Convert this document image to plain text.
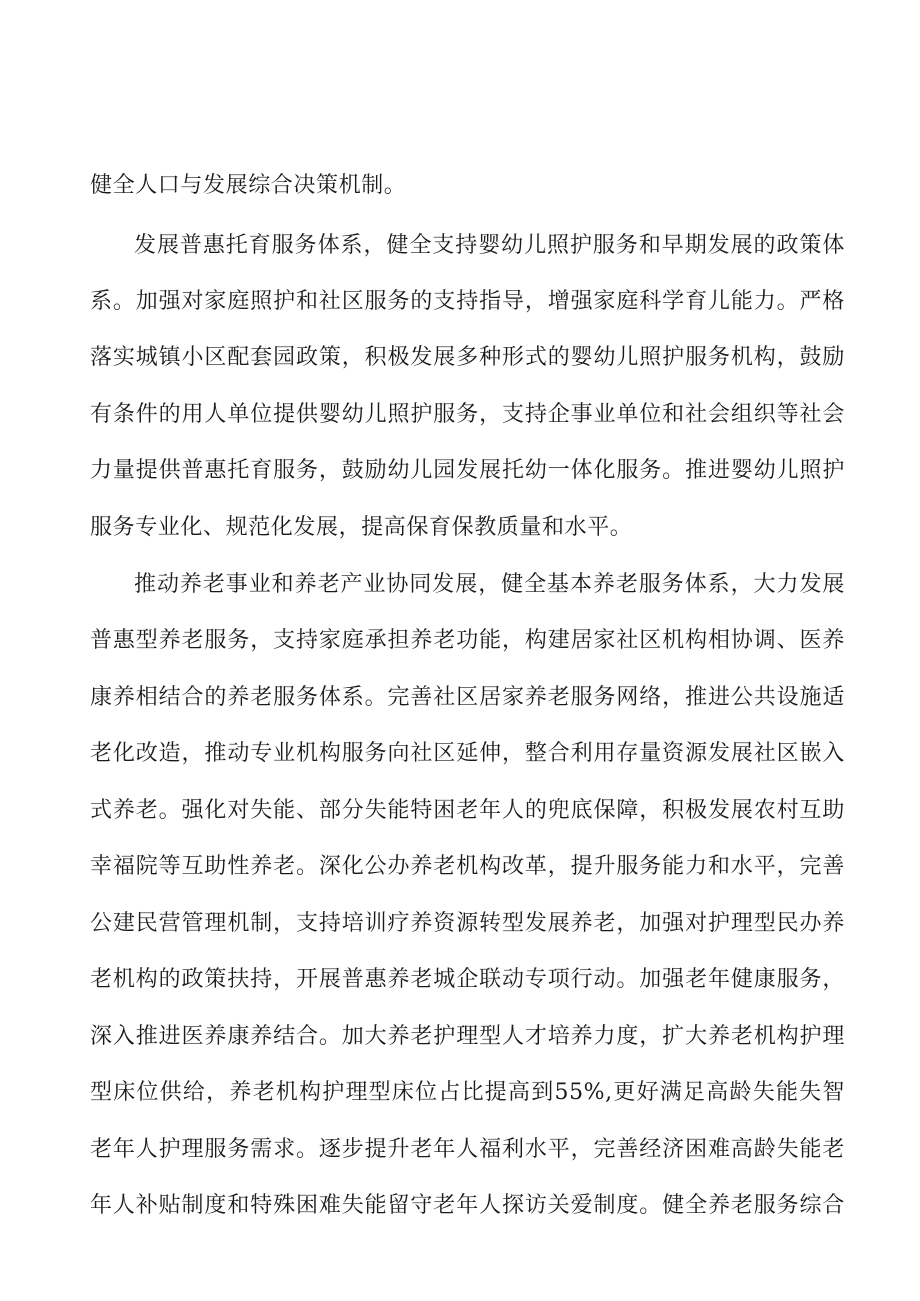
健全人口与发展综合决策机制。
发展普惠托育服务体系，健全支持婴幼儿照护服务和早期发展的政策体
系。加强对家庭照护和社区服务的支持指导，增强家庭科学育儿能力。严格
落实城镇小区配套园政策，积极发展多种形式的婴幼儿照护服务机构，鼓励
有条件的用人单位提供婴幼儿照护服务，支持企事业单位和社会组织等社会
力量提供普惠托育服务，鼓励幼儿园发展托幼一体化服务。推进婴幼儿照护
服务专业化、规范化发展，提高保育保教质量和水平。
推动养老事业和养老产业协同发展，健全基本养老服务体系，大力发展
普惠型养老服务，支持家庭承担养老功能，构建居家社区机构相协调、医养
康养相结合的养老服务体系。完善社区居家养老服务网络，推进公共设施适
老化改造，推动专业机构服务向社区延伸，整合利用存量资源发展社区嵌入
式养老。强化对失能、部分失能特困老年人的兜底保障，积极发展农村互助
幸福院等互助性养老。深化公办养老机构改革，提升服务能力和水平，完善
公建民营管理机制，支持培训疗养资源转型发展养老，加强对护理型民办养
老机构的政策扶持，开展普惠养老城企联动专项行动。加强老年健康服务，
深入推进医养康养结合。加大养老护理型人才培养力度，扩大养老机构护理
型床位供给，养老机构护理型床位占比提高到55%,更好满足高龄失能失智
老年人护理服务需求。逐步提升老年人福利水平，完善经济困难高龄失能老
年人补贴制度和特殊困难失能留守老年人探访关爱制度。健全养老服务综合
